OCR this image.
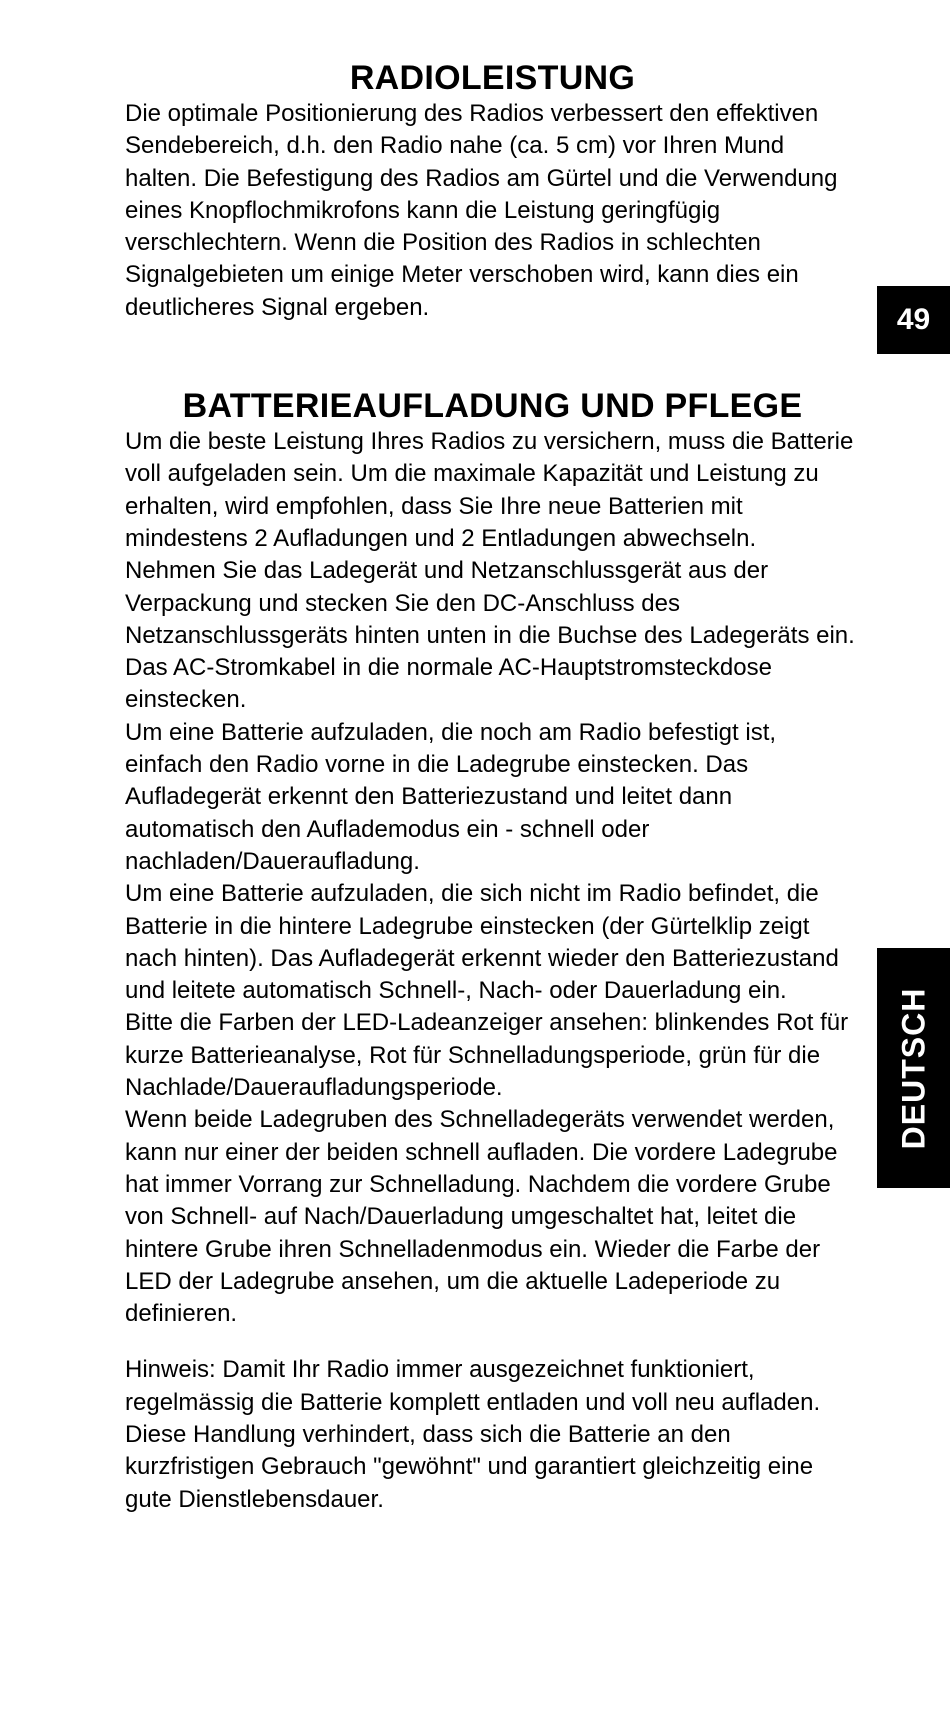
RADIOLEISTUNG

Die optimale Positionierung des Radios verbessert den effektiven Sendebereich, d.h. den Radio nahe (ca. 5 cm) vor Ihren Mund halten. Die Befestigung des Radios am Gürtel und die Verwendung eines Knopflochmikrofons kann die Leistung geringfügig verschlechtern. Wenn die Position des Radios in schlechten Signalgebieten um einige Meter verschoben wird, kann dies ein deutlicheres Signal ergeben.

BATTERIEAUFLADUNG UND PFLEGE

Um die beste Leistung Ihres Radios zu versichern, muss die Batterie voll aufgeladen sein. Um die maximale Kapazität und Leistung zu erhalten, wird empfohlen, dass Sie Ihre neue Batterien mit mindestens 2 Aufladungen und 2 Entladungen abwechseln.

Nehmen Sie das Ladegerät und Netzanschlussgerät aus der Verpackung und stecken Sie den DC-Anschluss des Netzanschlussgeräts hinten unten in die Buchse des Ladegeräts ein. Das AC-Stromkabel in die normale AC-Hauptstromsteckdose einstecken.

Um eine Batterie aufzuladen, die noch am Radio befestigt ist, einfach den Radio vorne in die Ladegrube einstecken. Das Aufladegerät erkennt den Batteriezustand und leitet dann automatisch den Auflademodus ein - schnell oder nachladen/Daueraufladung.

Um eine Batterie aufzuladen, die sich nicht im Radio befindet, die Batterie in die hintere Ladegrube einstecken (der Gürtelklip zeigt nach hinten). Das Aufladegerät erkennt wieder den Batteriezustand und leitete automatisch Schnell-, Nach- oder Dauerladung ein.

Bitte die Farben der LED-Ladeanzeiger ansehen: blinkendes Rot für kurze Batterieanalyse, Rot für Schnelladungsperiode, grün für die Nachlade/Daueraufladungsperiode.

Wenn beide Ladegruben des Schnelladegeräts verwendet werden, kann nur einer der beiden schnell aufladen. Die vordere Ladegrube hat immer Vorrang zur Schnelladung. Nachdem die vordere Grube von Schnell- auf Nach/Dauerladung umgeschaltet hat, leitet die hintere Grube ihren Schnelladenmodus ein. Wieder die Farbe der LED der Ladegrube ansehen, um die aktuelle Ladeperiode zu definieren.

Hinweis: Damit Ihr Radio immer ausgezeichnet funktioniert, regelmässig die Batterie komplett entladen und voll neu aufladen. Diese Handlung verhindert, dass sich die Batterie an den kurzfristigen Gebrauch "gewöhnt" und garantiert gleichzeitig eine gute Dienstlebensdauer.

49
DEUTSCH
